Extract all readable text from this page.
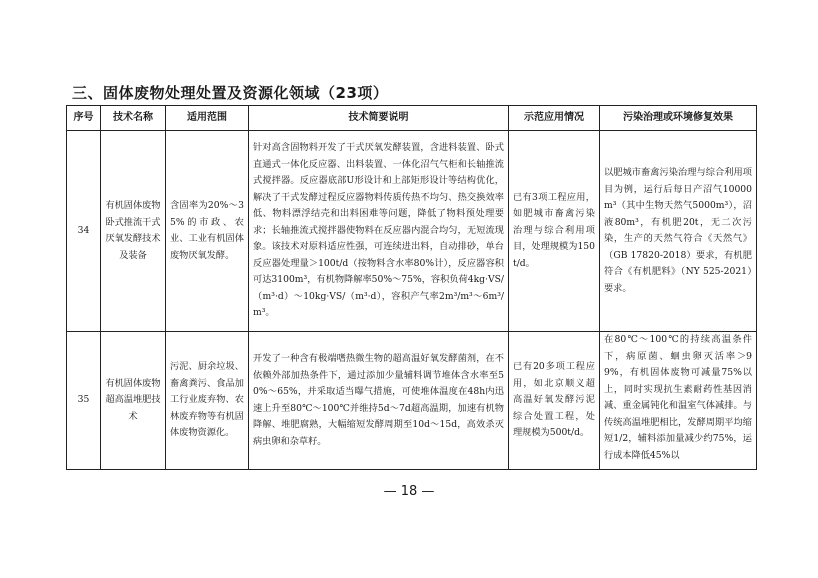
三、固体废物处理处置及资源化领域（23项）
序号	技术名称	适用范围	技术简要说明	示范应用情况	污染治理或环境修复效果
34	有机固体废物卧式推流干式厌氧发酵技术及装备	含固率为20%～35%的市政、农业、工业有机固体废物厌氧发酵。	针对高含固物料开发了干式厌氧发酵装置，含进料装置、卧式直通式一体化反应器、出料装置、一体化沼气气柜和长轴推流式搅拌器。反应器底部U形设计和上部矩形设计等结构优化，解决了干式发酵过程反应器物料传质传热不均匀、热交换效率低、物料漂浮结壳和出料困难等问题，降低了物料预处理要求；长轴推流式搅拌器使物料在反应器内混合均匀，无短流现象。该技术对原料适应性强，可连续进出料，自动排砂，单台反应器处理量＞100t/d（按物料含水率80%计），反应器容积可达3100m³，有机物降解率50%～75%，容积负荷4kg·VS/（m³·d）～10kg·VS/（m³·d），容积产气率2m³/m³～6m³/m³。	已有3项工程应用，如肥城市畜禽污染治理与综合利用项目，处理规模为150t/d。	以肥城市畜禽污染治理与综合利用项目为例，运行后每日产沼气10000m³（其中生物天然气5000m³），沼液80m³，有机肥20t，无二次污染，生产的天然气符合《天然气》（GB 17820-2018）要求，有机肥符合《有机肥料》（NY 525-2021）要求。
35	有机固体废物超高温堆肥技术	污泥、厨余垃圾、畜禽粪污、食品加工行业废弃物、农林废弃物等有机固体废物资源化。	开发了一种含有极端嗜热微生物的超高温好氧发酵菌剂，在不依赖外部加热条件下，通过添加少量辅料调节堆体含水率至50%～65%，并采取适当曝气措施，可使堆体温度在48h内迅速上升至80℃～100℃并维持5d～7d超高温期，加速有机物降解、堆肥腐熟，大幅缩短发酵周期至10d～15d，高效杀灭病虫卵和杂草籽。	已有20多项工程应用，如北京顺义超高温好氧发酵污泥综合处置工程，处理规模为500t/d。	在80℃～100℃的持续高温条件下，病原菌、蛔虫卵灭活率＞99%，有机固体废物可减量75%以上，同时实现抗生素耐药性基因消减、重金属钝化和温室气体减排。与传统高温堆肥相比，发酵周期平均缩短1/2，辅料添加量减少约75%，运行成本降低45%以
— 18 —
